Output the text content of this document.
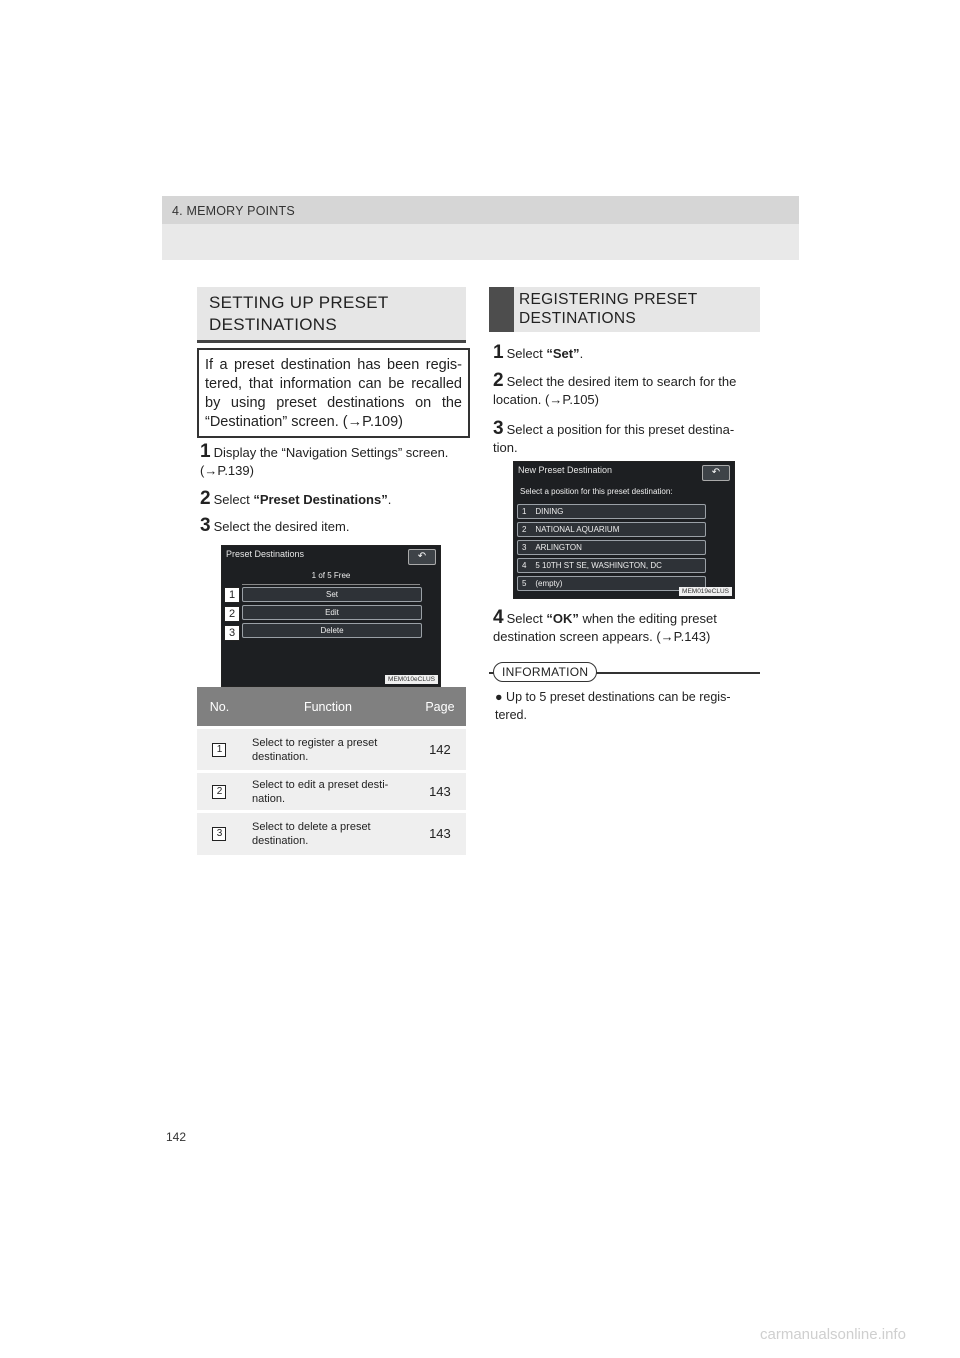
4. MEMORY POINTS
SETTING UP PRESET
DESTINATIONS

If a preset destination has been regis- tered, that information can be recalled by using preset destinations on the “Destination” screen. (→P.109)

1 Display the “Navigation Settings” screen. (→P.139)
2 Select “Preset Destinations”.
3 Select the desired item.
Preset Destinations	↶
1 of 5 Free
Set
Edit
Delete
MEM010eCLUS
1
2
3
No.	Function	Page
1	Select to register a preset destination.	142
2	Select to edit a preset desti- nation.	143
3	Select to delete a preset destination.	143
REGISTERING PRESET
DESTINATIONS
1 Select “Set”.
2 Select the desired item to search for the location. (→P.105)
3 Select a position for this preset destina- tion.
New Preset Destination	↶
Select a position for this preset destination:
1 DINING
2 NATIONAL AQUARIUM
3 ARLINGTON
4 5 10TH ST SE, WASHINGTON, DC
5 (empty)
MEM019eCLUS
4 Select “OK” when the editing preset destination screen appears. (→P.143)
INFORMATION
● Up to 5 preset destinations can be regis- tered.
142
carmanualsonline.info
